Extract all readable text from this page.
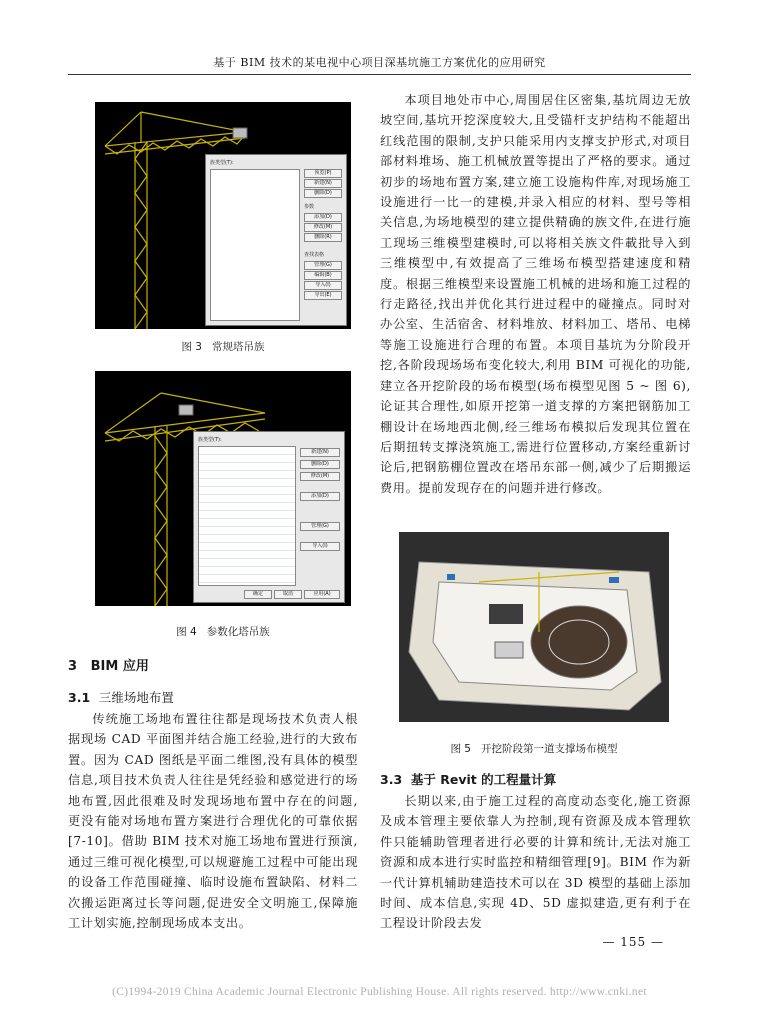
基于 BIM 技术的某电视中心项目深基坑施工方案优化的应用研究
族类型(T):
预览(P)
新建(N)
删除(D)
参数
添加(D)
修改(M)
删除(R)
查找表格
管理(G)
编辑(B)
导入(I)
导出(E)
图 3 常规塔吊族
族类型(T):
新建(N)
删除(D)
修改(M)
添加(D)
管理(G)
导入(I)
确定	取消	应用(A)
图 4 参数化塔吊族
3 BIM 应用
3.1 三维场地布置

传统施工场地布置往往都是现场技术负责人根据现场 CAD 平面图并结合施工经验,进行的大致布置。因为 CAD 图纸是平面二维图,没有具体的模型信息,项目技术负责人往往是凭经验和感觉进行的场地布置,因此很难及时发现场地布置中存在的问题,更没有能对场地布置方案进行合理优化的可靠依据[7-10]。借助 BIM 技术对施工场地布置进行预演,通过三维可视化模型,可以规避施工过程中可能出现的设备工作范围碰撞、临时设施布置缺陷、材料二次搬运距离过长等问题,促进安全文明施工,保障施工计划实施,控制现场成本支出。

本项目地处市中心,周围居住区密集,基坑周边无放坡空间,基坑开挖深度较大,且受锚杆支护结构不能超出红线范围的限制,支护只能采用内支撑支护形式,对项目部材料堆场、施工机械放置等提出了严格的要求。通过初步的场地布置方案,建立施工设施构件库,对现场施工设施进行一比一的建模,并录入相应的材料、型号等相关信息,为场地模型的建立提供精确的族文件,在进行施工现场三维模型建模时,可以将相关族文件載批导入到三维模型中,有效提高了三维场布模型搭建速度和精度。根据三维模型来设置施工机械的进场和施工过程的行走路径,找出并优化其行进过程中的碰撞点。同时对办公室、生活宿舍、材料堆放、材料加工、塔吊、电梯等施工设施进行合理的布置。本项目基坑为分阶段开挖,各阶段现场场布变化较大,利用 BIM 可视化的功能,建立各开挖阶段的场布模型(场布模型见图 5 ~ 图 6),论证其合理性,如原开挖第一道支撑的方案把钢筋加工棚设计在场地西北侧,经三维场布模拟后发现其位置在后期扭转支撑浇筑施工,需进行位置移动,方案经重新讨论后,把钢筋棚位置改在塔吊东部一侧,减少了后期搬运费用。提前发现存在的问题并进行修改。

图 5 开挖阶段第一道支撑场布模型
3.3 基于 Revit 的工程量计算

长期以来,由于施工过程的高度动态变化,施工资源及成本管理主要依靠人为控制,现有资源及成本管理软件只能辅助管理者进行必要的计算和统计,无法对施工资源和成本进行实时监控和精细管理[9]。BIM 作为新一代计算机辅助建造技术可以在 3D 模型的基础上添加时间、成本信息,实现 4D、5D 虚拟建造,更有利于在工程设计阶段去发

— 155 —
(C)1994-2019 China Academic Journal Electronic Publishing House. All rights reserved. http://www.cnki.net
